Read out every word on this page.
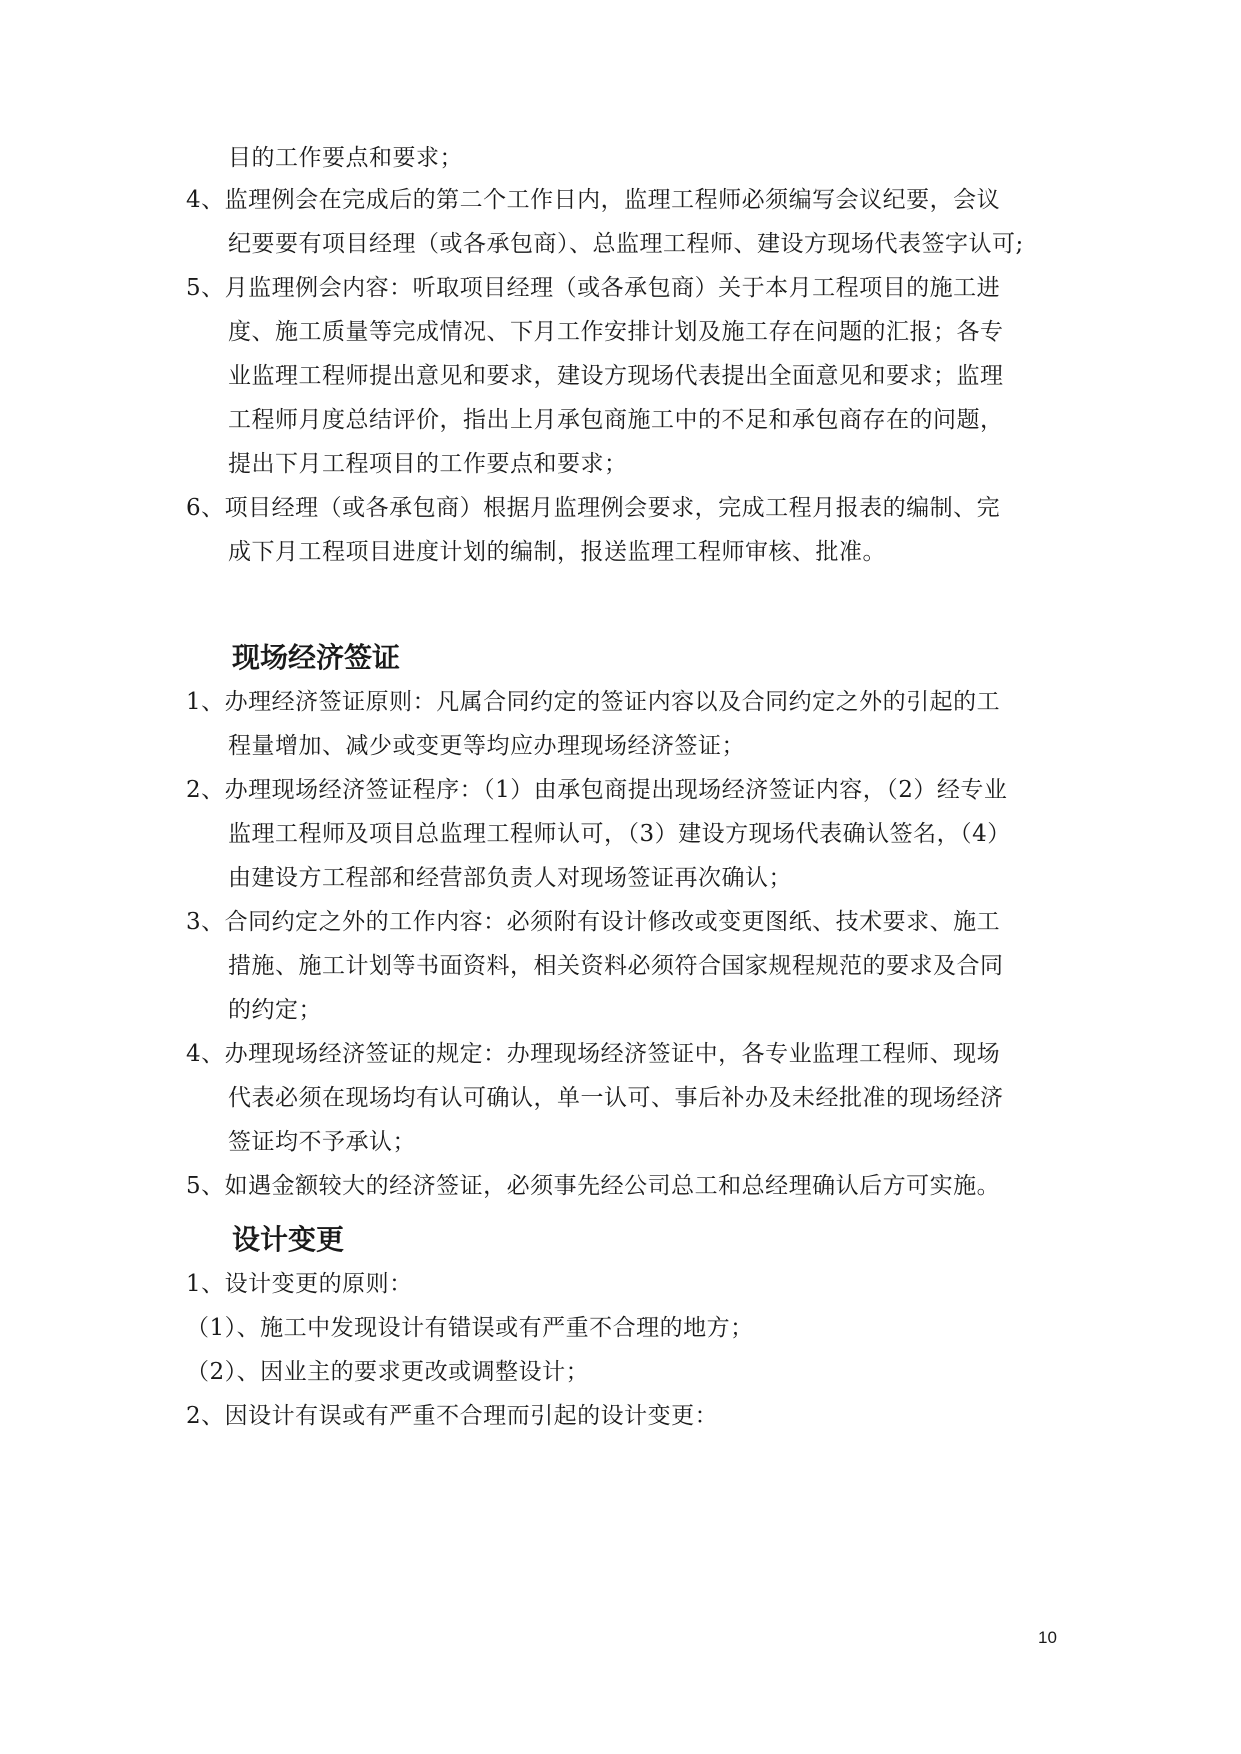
目的工作要点和要求；
4、监理例会在完成后的第二个工作日内，监理工程师必须编写会议纪要，会议
纪要要有项目经理（或各承包商）、总监理工程师、建设方现场代表签字认可;
5、月监理例会内容：听取项目经理（或各承包商）关于本月工程项目的施工进
度、施工质量等完成情况、下月工作安排计划及施工存在问题的汇报；各专
业监理工程师提出意见和要求，建设方现场代表提出全面意见和要求；监理
工程师月度总结评价，指出上月承包商施工中的不足和承包商存在的问题，
提出下月工程项目的工作要点和要求；
6、项目经理（或各承包商）根据月监理例会要求，完成工程月报表的编制、完
成下月工程项目进度计划的编制，报送监理工程师审核、批准。
现场经济签证
1、办理经济签证原则：凡属合同约定的签证内容以及合同约定之外的引起的工
程量增加、减少或变更等均应办理现场经济签证；
2、办理现场经济签证程序：（1）由承包商提出现场经济签证内容，（2）经专业
监理工程师及项目总监理工程师认可，（3）建设方现场代表确认签名，（4）
由建设方工程部和经营部负责人对现场签证再次确认；
3、合同约定之外的工作内容：必须附有设计修改或变更图纸、技术要求、施工
措施、施工计划等书面资料，相关资料必须符合国家规程规范的要求及合同
的约定；
4、办理现场经济签证的规定：办理现场经济签证中，各专业监理工程师、现场
代表必须在现场均有认可确认，单一认可、事后补办及未经批准的现场经济
签证均不予承认；
5、如遇金额较大的经济签证，必须事先经公司总工和总经理确认后方可实施。
设计变更
1、设计变更的原则：
（1）、施工中发现设计有错误或有严重不合理的地方；
（2）、因业主的要求更改或调整设计；
2、因设计有误或有严重不合理而引起的设计变更：
10
